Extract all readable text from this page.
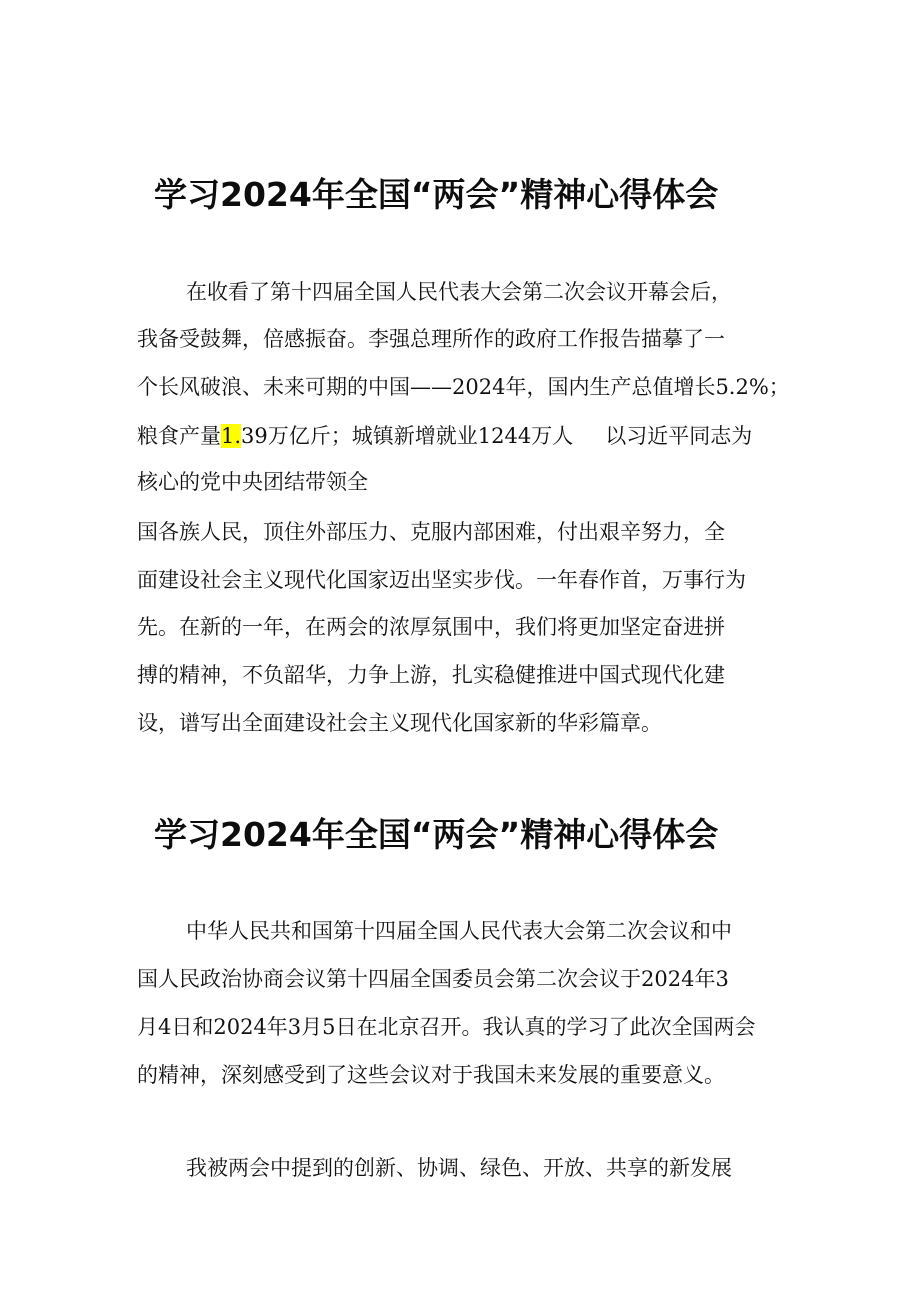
学习2024年全国“两会”精神心得体会
在收看了第十四届全国人民代表大会第二次会议开幕会后，
我备受鼓舞，倍感振奋。李强总理所作的政府工作报告描摹了一
个长风破浪、未来可期的中国——2024年，国内生产总值增长5.2%；
粮食产量1.39万亿斤；城镇新增就业1244万人 以习近平同志为
核心的党中央团结带领全
国各族人民，顶住外部压力、克服内部困难，付出艰辛努力，全
面建设社会主义现代化国家迈出坚实步伐。一年春作首，万事行为
先。在新的一年，在两会的浓厚氛围中，我们将更加坚定奋进拼
搏的精神，不负韶华，力争上游，扎实稳健推进中国式现代化建
设，谱写出全面建设社会主义现代化国家新的华彩篇章。
学习2024年全国“两会”精神心得体会
中华人民共和国第十四届全国人民代表大会第二次会议和中
国人民政治协商会议第十四届全国委员会第二次会议于2024年3
月4日和2024年3月5日在北京召开。我认真的学习了此次全国两会
的精神，深刻感受到了这些会议对于我国未来发展的重要意义。
我被两会中提到的创新、协调、绿色、开放、共享的新发展
